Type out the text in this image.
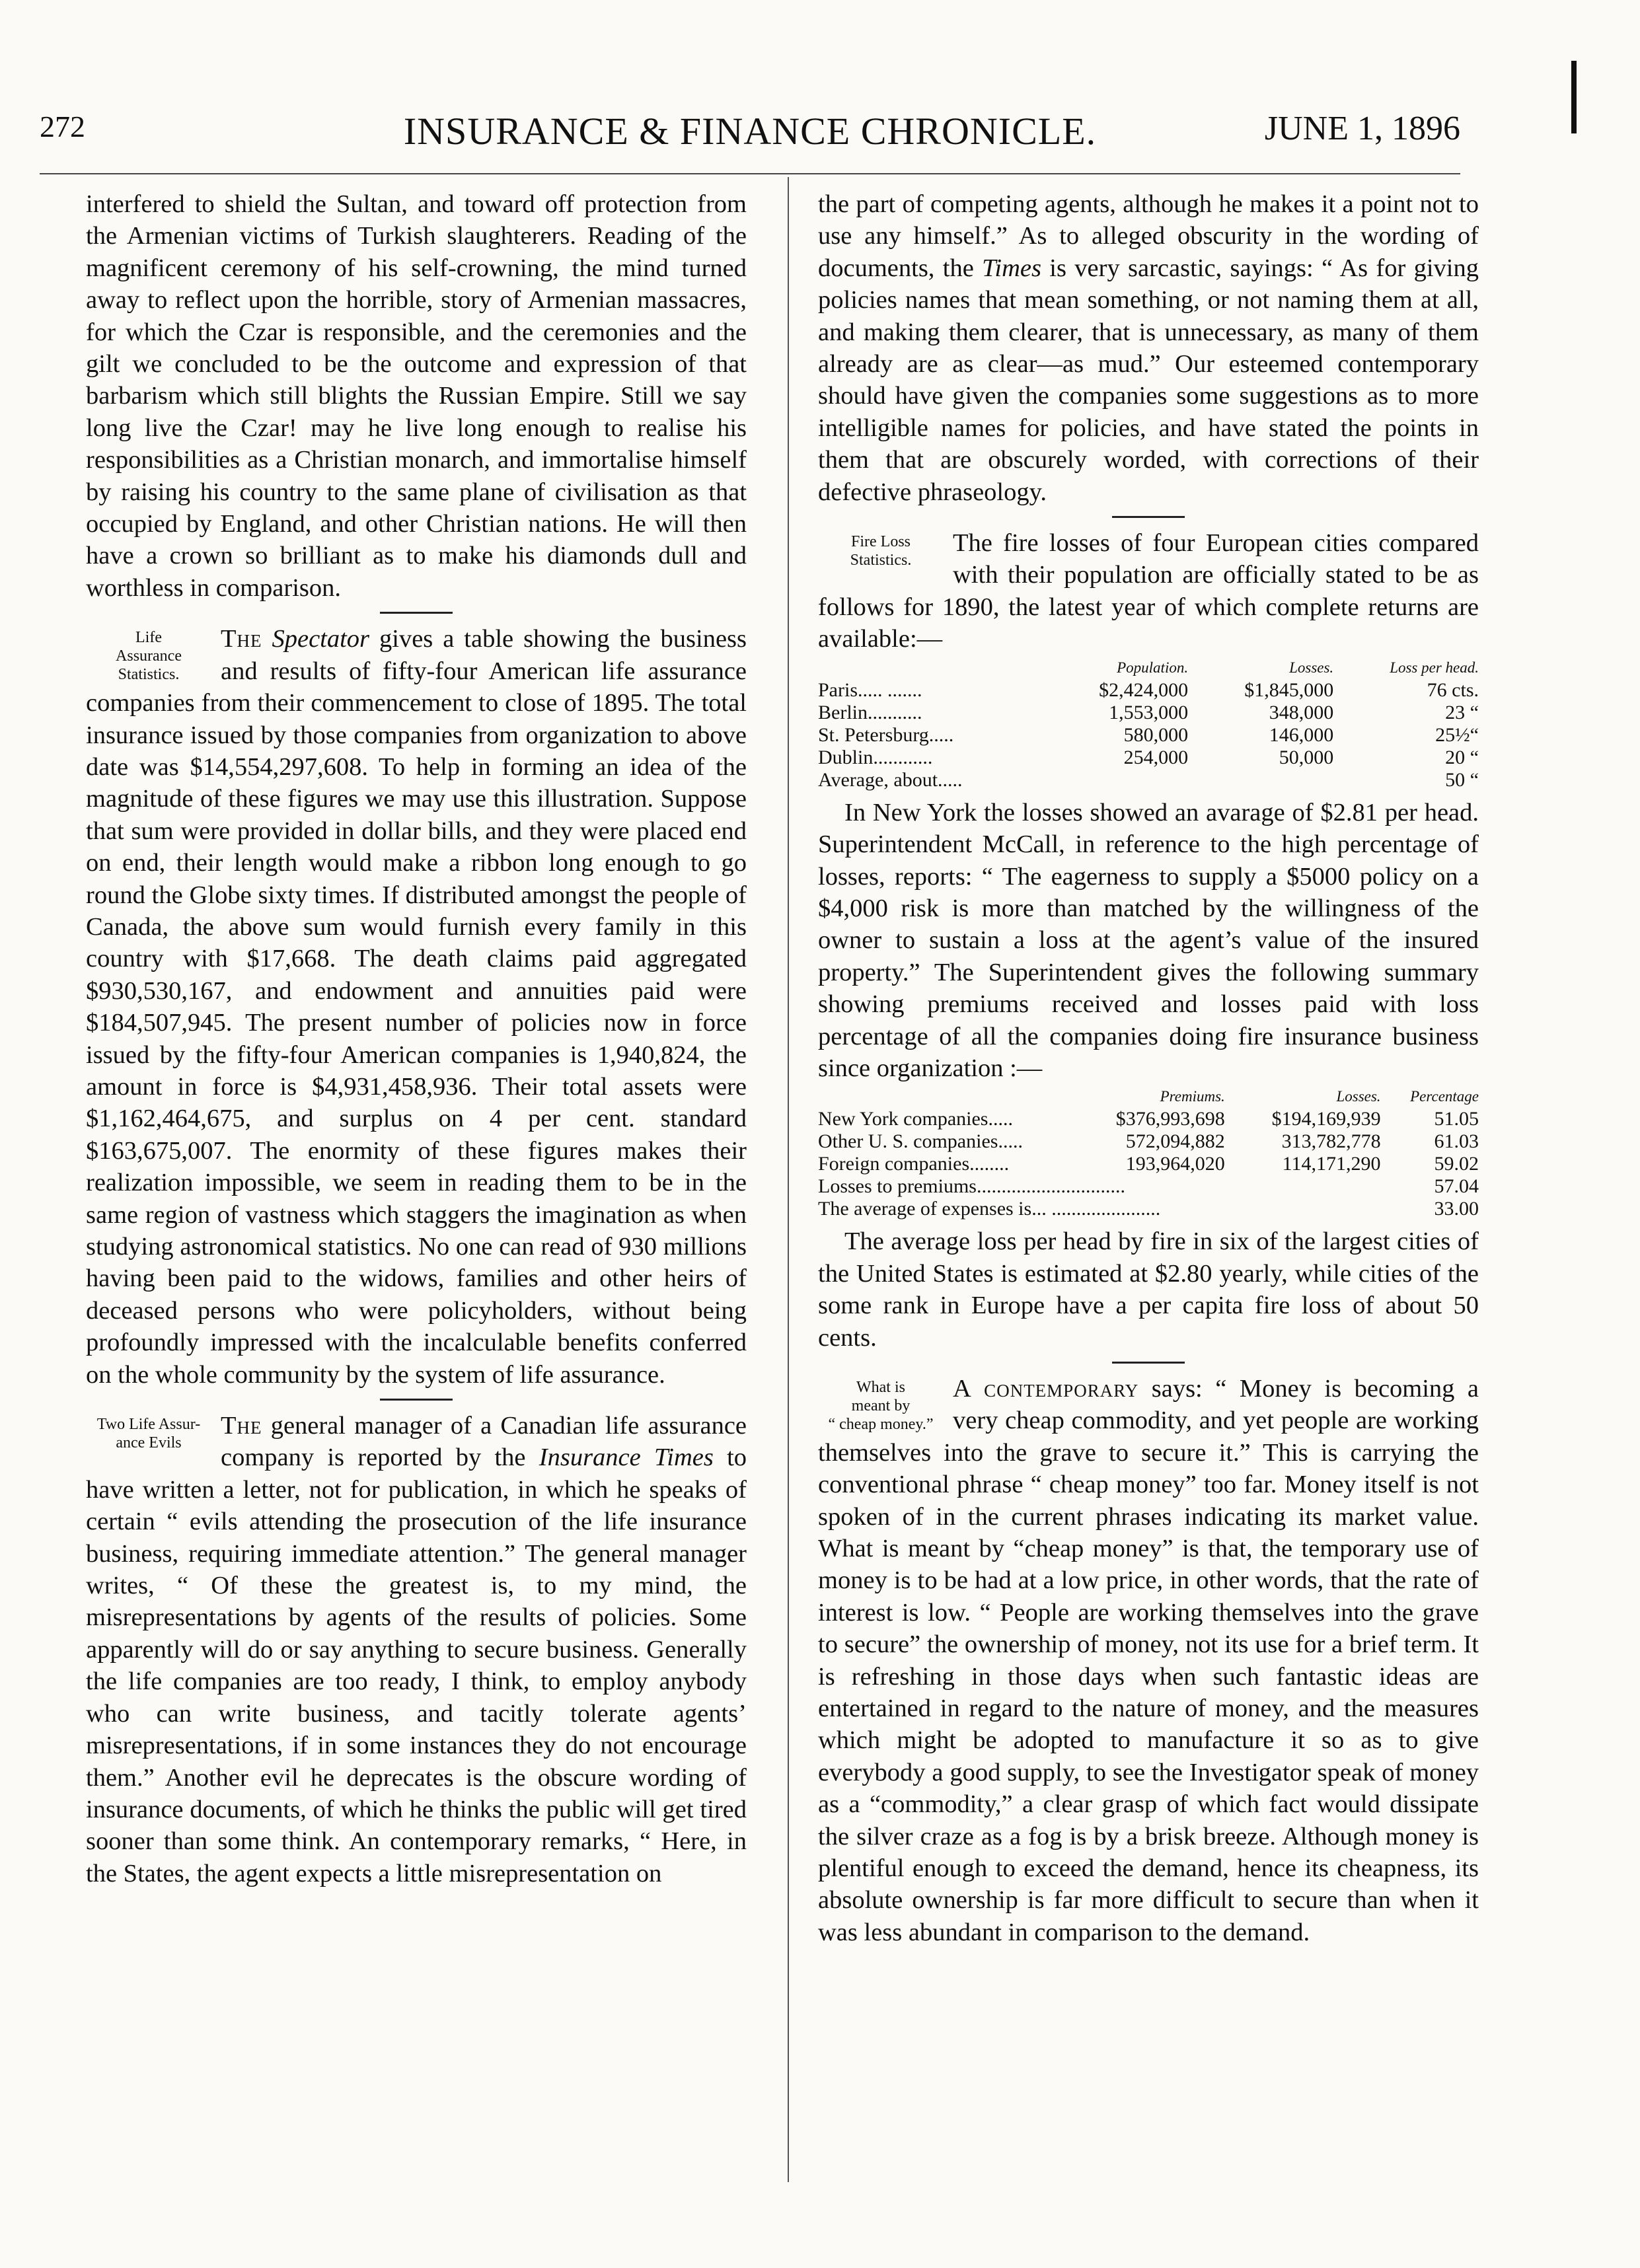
272	INSURANCE & FINANCE CHRONICLE.	JUNE 1, 1896

interfered to shield the Sultan, and toward off protection from the Armenian victims of Turkish slaughterers. Reading of the magnificent ceremony of his self-crowning, the mind turned away to reflect upon the horrible, story of Armenian massacres, for which the Czar is responsible, and the ceremonies and the gilt we concluded to be the outcome and expression of that barbarism which still blights the Russian Empire. Still we say long live the Czar! may he live long enough to realise his responsibilities as a Christian monarch, and immortalise himself by raising his country to the same plane of civilisation as that occupied by England, and other Christian nations. He will then have a crown so brilliant as to make his diamonds dull and worthless in comparison.

Life
Assurance
Statistics.

The Spectator gives a table showing the business and results of fifty-four American life assurance companies from their commencement to close of 1895. The total insurance issued by those companies from organization to above date was $14,554,297,608. To help in forming an idea of the magnitude of these figures we may use this illustration. Suppose that sum were provided in dollar bills, and they were placed end on end, their length would make a ribbon long enough to go round the Globe sixty times. If distributed amongst the people of Canada, the above sum would furnish every family in this country with $17,668. The death claims paid aggregated $930,530,167, and endowment and annuities paid were $184,507,945. The present number of policies now in force issued by the fifty-four American companies is 1,940,824, the amount in force is $4,931,458,936. Their total assets were $1,162,464,675, and surplus on 4 per cent. standard $163,675,007. The enormity of these figures makes their realization impossible, we seem in reading them to be in the same region of vastness which staggers the imagination as when studying astronomical statistics. No one can read of 930 millions having been paid to the widows, families and other heirs of deceased persons who were policyholders, without being profoundly impressed with the incalculable benefits conferred on the whole community by the system of life assurance.

Two Life Assur-
ance Evils

The general manager of a Canadian life assurance company is reported by the Insurance Times to have written a letter, not for publication, in which he speaks of certain “ evils attending the prosecution of the life insurance business, requiring immediate attention.” The general manager writes, “ Of these the greatest is, to my mind, the misrepresentations by agents of the results of policies. Some apparently will do or say anything to secure business. Generally the life companies are too ready, I think, to employ anybody who can write business, and tacitly tolerate agents’ misrepresentations, if in some instances they do not encourage them.” Another evil he deprecates is the obscure wording of insurance documents, of which he thinks the public will get tired sooner than some think. An contemporary remarks, “ Here, in the States, the agent expects a little misrepresentation on

the part of competing agents, although he makes it a point not to use any himself.” As to alleged obscurity in the wording of documents, the Times is very sarcastic, sayings: “ As for giving policies names that mean something, or not naming them at all, and making them clearer, that is unnecessary, as many of them already are as clear—as mud.” Our esteemed contemporary should have given the companies some suggestions as to more intelligible names for policies, and have stated the points in them that are obscurely worded, with corrections of their defective phraseology.

Fire Loss
Statistics.

The fire losses of four European cities compared with their population are officially stated to be as follows for 1890, the latest year of which complete returns are available:—

	Population.	Losses.	Loss per head.
Paris..... .......	$2,424,000	$1,845,000	76 cts.
Berlin...........	1,553,000	348,000	23 “
St. Petersburg.....	580,000	146,000	25½“
Dublin............	254,000	50,000	20 “
Average, about.....			50 “

In New York the losses showed an avarage of $2.81 per head. Superintendent McCall, in reference to the high percentage of losses, reports: “ The eagerness to supply a $5000 policy on a $4,000 risk is more than matched by the willingness of the owner to sustain a loss at the agent’s value of the insured property.” The Superintendent gives the following summary showing premiums received and losses paid with loss percentage of all the companies doing fire insurance business since organization :—

	Premiums.	Losses.	Percentage
New York companies.....	$376,993,698	$194,169,939	51.05
Other U. S. companies.....	572,094,882	313,782,778	61.03
Foreign companies........	193,964,020	114,171,290	59.02
Losses to premiums..............................			57.04
The average of expenses is... ......................			33.00

The average loss per head by fire in six of the largest cities of the United States is estimated at $2.80 yearly, while cities of the some rank in Europe have a per capita fire loss of about 50 cents.

What is
meant by
“ cheap money.”

A contemporary says: “ Money is becoming a very cheap commodity, and yet people are working themselves into the grave to secure it.” This is carrying the conventional phrase “ cheap money” too far. Money itself is not spoken of in the current phrases indicating its market value. What is meant by “cheap money” is that, the temporary use of money is to be had at a low price, in other words, that the rate of interest is low. “ People are working themselves into the grave to secure” the ownership of money, not its use for a brief term. It is refreshing in those days when such fantastic ideas are entertained in regard to the nature of money, and the measures which might be adopted to manufacture it so as to give everybody a good supply, to see the Investigator speak of money as a “commodity,” a clear grasp of which fact would dissipate the silver craze as a fog is by a brisk breeze. Although money is plentiful enough to exceed the demand, hence its cheapness, its absolute ownership is far more difficult to secure than when it was less abundant in comparison to the demand.
